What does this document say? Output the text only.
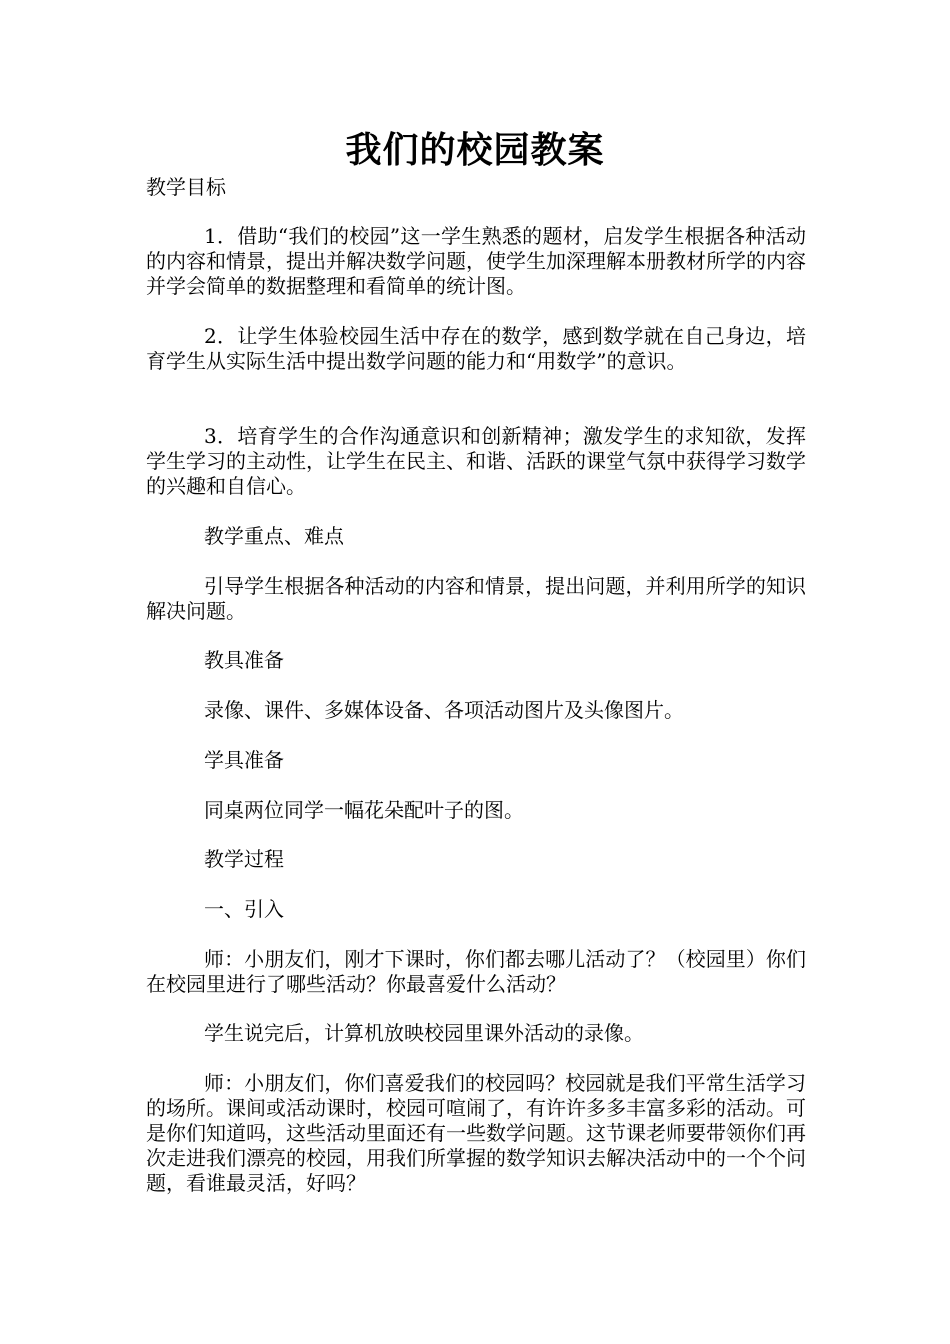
我们的校园教案

教学目标

1．借助“我们的校园”这一学生熟悉的题材，启发学生根据各种活动的内容和情景，提出并解决数学问题，使学生加深理解本册教材所学的内容并学会简单的数据整理和看简单的统计图。

2．让学生体验校园生活中存在的数学，感到数学就在自己身边，培育学生从实际生活中提出数学问题的能力和“用数学”的意识。

3．培育学生的合作沟通意识和创新精神；激发学生的求知欲，发挥学生学习的主动性，让学生在民主、和谐、活跃的课堂气氛中获得学习数学的兴趣和自信心。

教学重点、难点

引导学生根据各种活动的内容和情景，提出问题，并利用所学的知识解决问题。

教具准备

录像、课件、多媒体设备、各项活动图片及头像图片。

学具准备

同桌两位同学一幅花朵配叶子的图。

教学过程

一、引入

师：小朋友们，刚才下课时，你们都去哪儿活动了？（校园里）你们在校园里进行了哪些活动？你最喜爱什么活动？

学生说完后，计算机放映校园里课外活动的录像。

师：小朋友们，你们喜爱我们的校园吗？校园就是我们平常生活学习的场所。课间或活动课时，校园可喧闹了，有许许多多丰富多彩的活动。可是你们知道吗，这些活动里面还有一些数学问题。这节课老师要带领你们再次走进我们漂亮的校园，用我们所掌握的数学知识去解决活动中的一个个问题，看谁最灵活，好吗？
